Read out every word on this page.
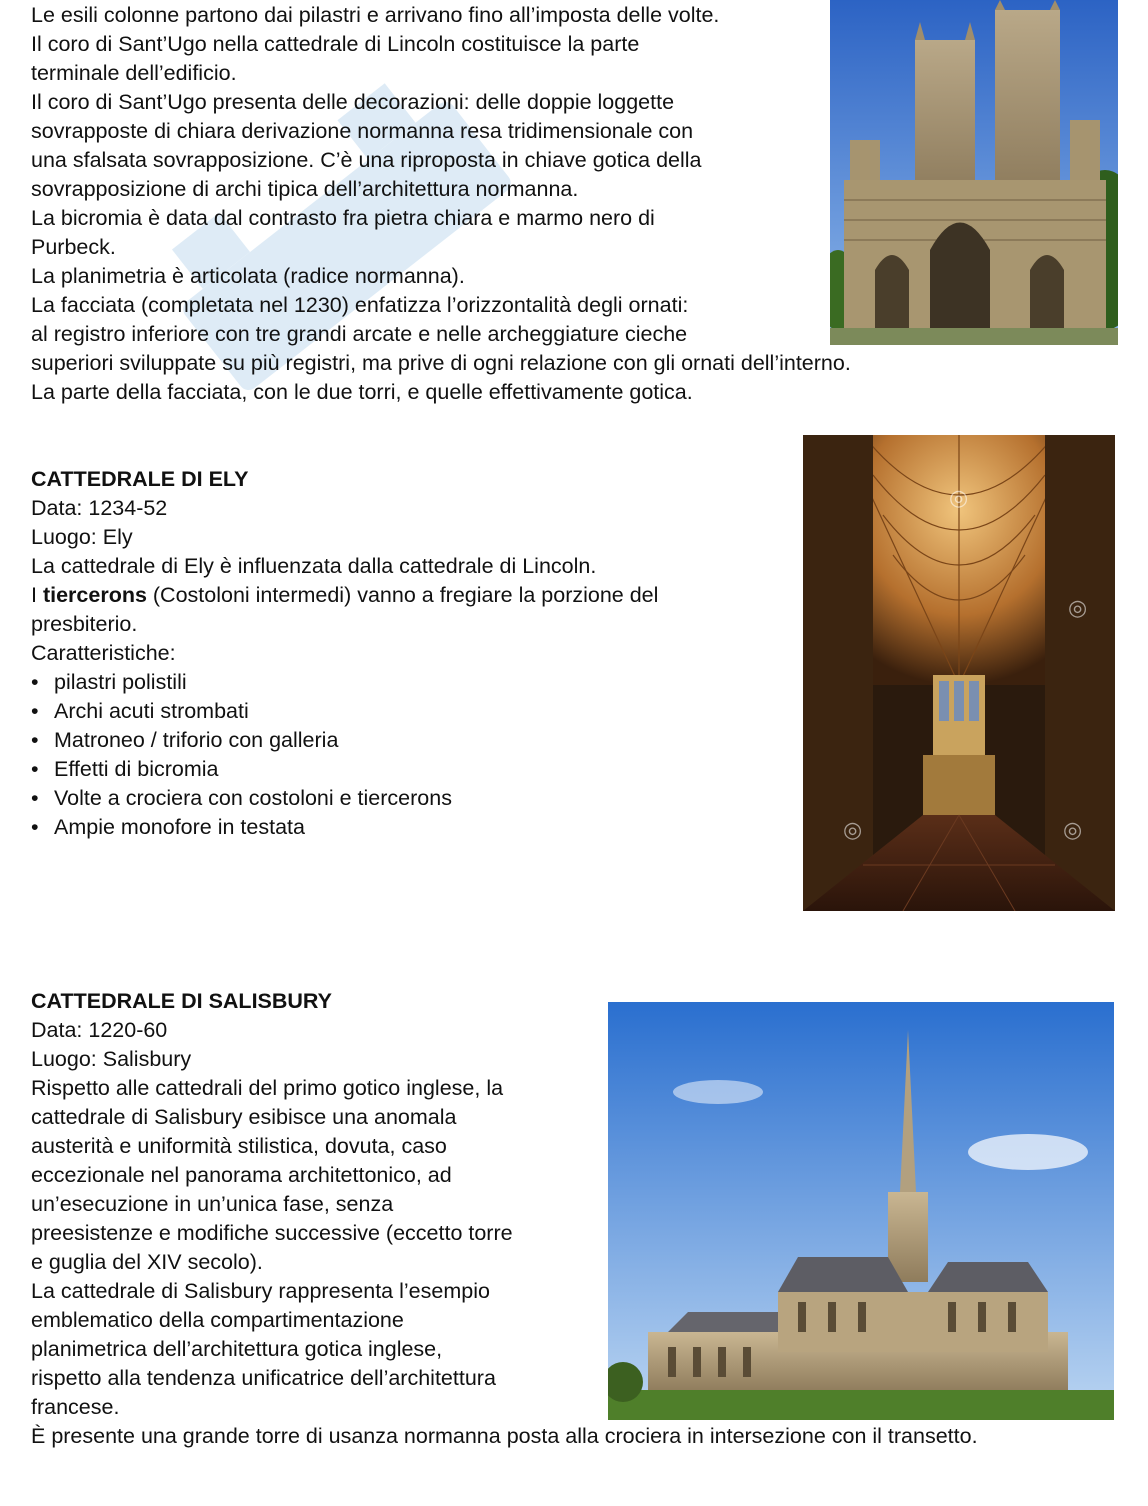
Le esili colonne partono dai pilastri e arrivano fino all’imposta delle volte.
Il coro di Sant’Ugo nella cattedrale di Lincoln costituisce la parte
terminale dell’edificio.
Il coro di Sant’Ugo presenta delle decorazioni: delle doppie loggette
sovrapposte di chiara derivazione normanna resa tridimensionale con
una sfalsata sovrapposizione. C’è una riproposta in chiave gotica della
sovrapposizione di archi tipica dell’architettura normanna.
La bicromia è data dal contrasto fra pietra chiara e marmo nero di
Purbeck.
La planimetria è articolata (radice normanna).
La facciata (completata nel 1230) enfatizza l’orizzontalità degli ornati:
al registro inferiore con tre grandi arcate e nelle archeggiature cieche
superiori sviluppate su più registri, ma prive di ogni relazione con gli ornati dell’interno.
La parte della facciata, con le due torri, e quelle effettivamente gotica.
CATTEDRALE DI ELY
Data: 1234-52
Luogo: Ely
La cattedrale di Ely è influenzata dalla cattedrale di Lincoln.
I tiercerons (Costoloni intermedi) vanno a fregiare la porzione del
presbiterio.
Caratteristiche:
• pilastri polistili
• Archi acuti strombati
• Matroneo / triforio con galleria
• Effetti di bicromia
• Volte a crociera con costoloni e tiercerons
• Ampie monofore in testata
◎
◎
◎	◎
CATTEDRALE DI SALISBURY
Data: 1220-60
Luogo: Salisbury
Rispetto alle cattedrali del primo gotico inglese, la
cattedrale di Salisbury esibisce una anomala
austerità e uniformità stilistica, dovuta, caso
eccezionale nel panorama architettonico, ad
un’esecuzione in un’unica fase, senza
preesistenze e modifiche successive (eccetto torre
e guglia del XIV secolo).
La cattedrale di Salisbury rappresenta l’esempio
emblematico della compartimentazione
planimetrica dell’architettura gotica inglese,
rispetto alla tendenza unificatrice dell’architettura
francese.
È presente una grande torre di usanza normanna posta alla crociera in intersezione con il transetto.
